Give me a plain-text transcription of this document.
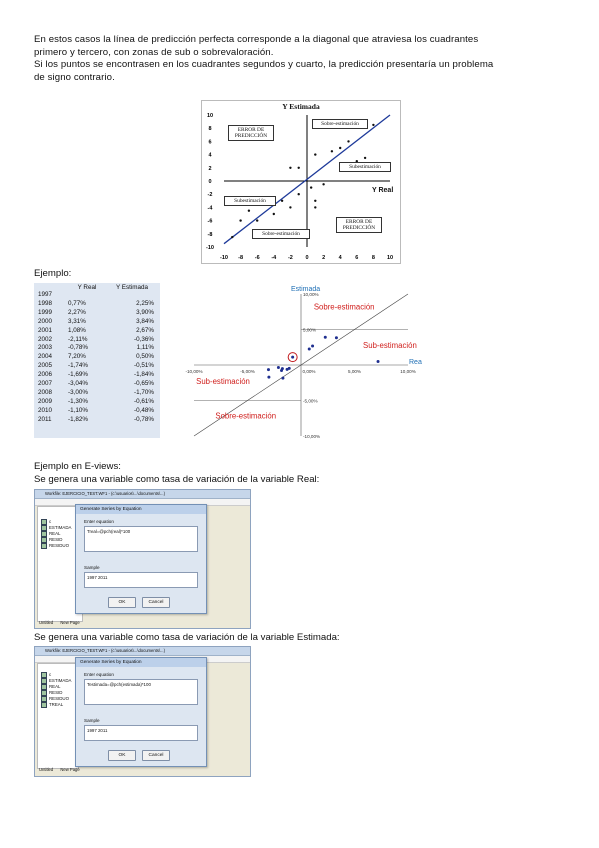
En estos casos la línea de predicción perfecta corresponde a la diagonal que atraviesa los cuadrantes
primero y tercero, con zonas de sub o sobrevaloración.
Si los puntos se encontrasen en los cuadrantes segundos y cuarto, la predicción presentaría un problema
de signo contrario.
Y Estimada
-10 -8 -6 -4 -2 0 2 4 6 8 10
10
8
6
4
2
0
-2
-4
-6
-8
-10
ERROR DE
PREDICCIÓN
Sobre-estimación
Subestimación
Subestimación
Sobre-estimación
ERROR DE
PREDICCIÓN
Y Real
Ejemplo:
	Y Real	Y Estimada
1997		
1998	0,77%	2,25%
1999	2,27%	3,90%
2000	3,31%	3,84%
2001	1,08%	2,67%
2002	-2,11%	-0,36%
2003	-0,78%	1,11%
2004	7,20%	0,50%
2005	-1,74%	-0,51%
2006	-1,69%	-1,84%
2007	-3,04%	-0,65%
2008	-3,00%	-1,70%
2009	-1,30%	-0,61%
2010	-1,10%	-0,48%
2011	-1,82%	-0,78%
-10,00%	-5,00%	0,00%	5,00%	10,00%
10,00%
5,00%
-5,00%
-10,00%
Estimada
Real
Sobre-estimación
Sub-estimación
Sub-estimación
Sobre-estimación
Ejemplo en E-views:
Se genera una variable como tasa de variación de la variable Real:
Workfile: EJERCICIO_TEST.WF1 - (c:\usuarios\...\documents\...)
c
ESTIMADA
REAL
RESID
RESIDUO
Generate Series by Equation
Enter equation
Treal=@pch(real)*100
Sample
1997 2011
OK	Cancel
Untitled New Page
Se genera una variable como tasa de variación de la variable Estimada:
Workfile: EJERCICIO_TEST.WF1 - (c:\usuarios\...\documents\...)
c
ESTIMADA
REAL
RESID
RESIDUO
TREAL
Generate Series by Equation
Enter equation
Testimada=@pch(estimada)*100
Sample
1997 2011
OK	Cancel
Untitled New Page
